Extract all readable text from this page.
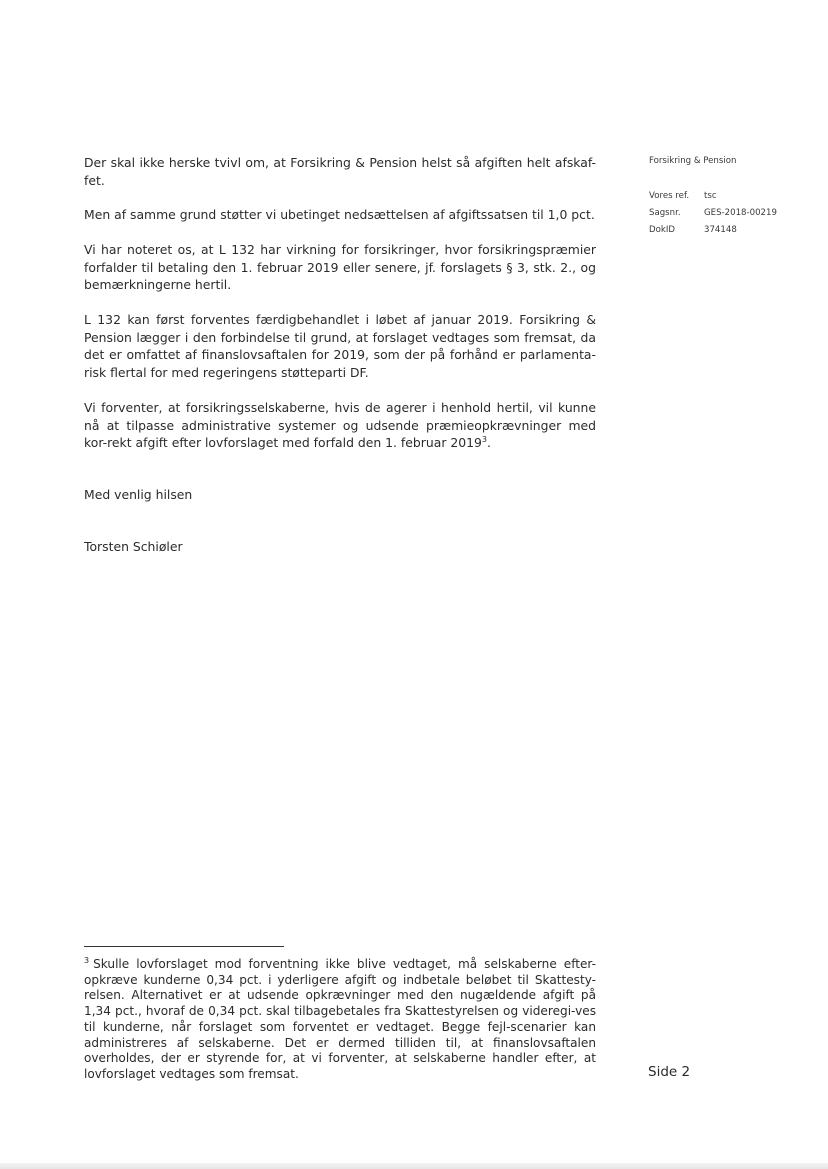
Der skal ikke herske tvivl om, at Forsikring & Pension helst så afgiften helt afskaf-fet.

Men af samme grund støtter vi ubetinget nedsættelsen af afgiftssatsen til 1,0 pct.

Vi har noteret os, at L 132 har virkning for forsikringer, hvor forsikringspræmier forfalder til betaling den 1. februar 2019 eller senere, jf. forslagets § 3, stk. 2., og bemærkningerne hertil.

L 132 kan først forventes færdigbehandlet i løbet af januar 2019. Forsikring & Pension lægger i den forbindelse til grund, at forslaget vedtages som fremsat, da det er omfattet af finanslovsaftalen for 2019, som der på forhånd er parlamenta-risk flertal for med regeringens støtteparti DF.

Vi forventer, at forsikringsselskaberne, hvis de agerer i henhold hertil, vil kunne nå at tilpasse administrative systemer og udsende præmieopkrævninger med kor-rekt afgift efter lovforslaget med forfald den 1. februar 2019$^3$.

Med venlig hilsen

Torsten Schiøler

Forsikring & Pension
Vores ref. tsc
Sagsnr.	GES-2018-00219
DokID	374148
$^3$ Skulle lovforslaget mod forventning ikke blive vedtaget, må selskaberne efter-opkræve kunderne 0,34 pct. i yderligere afgift og indbetale beløbet til Skattesty-relsen. Alternativet er at udsende opkrævninger med den nugældende afgift på 1,34 pct., hvoraf de 0,34 pct. skal tilbagebetales fra Skattestyrelsen og videregi-ves til kunderne, når forslaget som forventet er vedtaget. Begge fejl-scenarier kan administreres af selskaberne. Det er dermed tilliden til, at finanslovsaftalen overholdes, der er styrende for, at vi forventer, at selskaberne handler efter, at lovforslaget vedtages som fremsat.	Side 2
